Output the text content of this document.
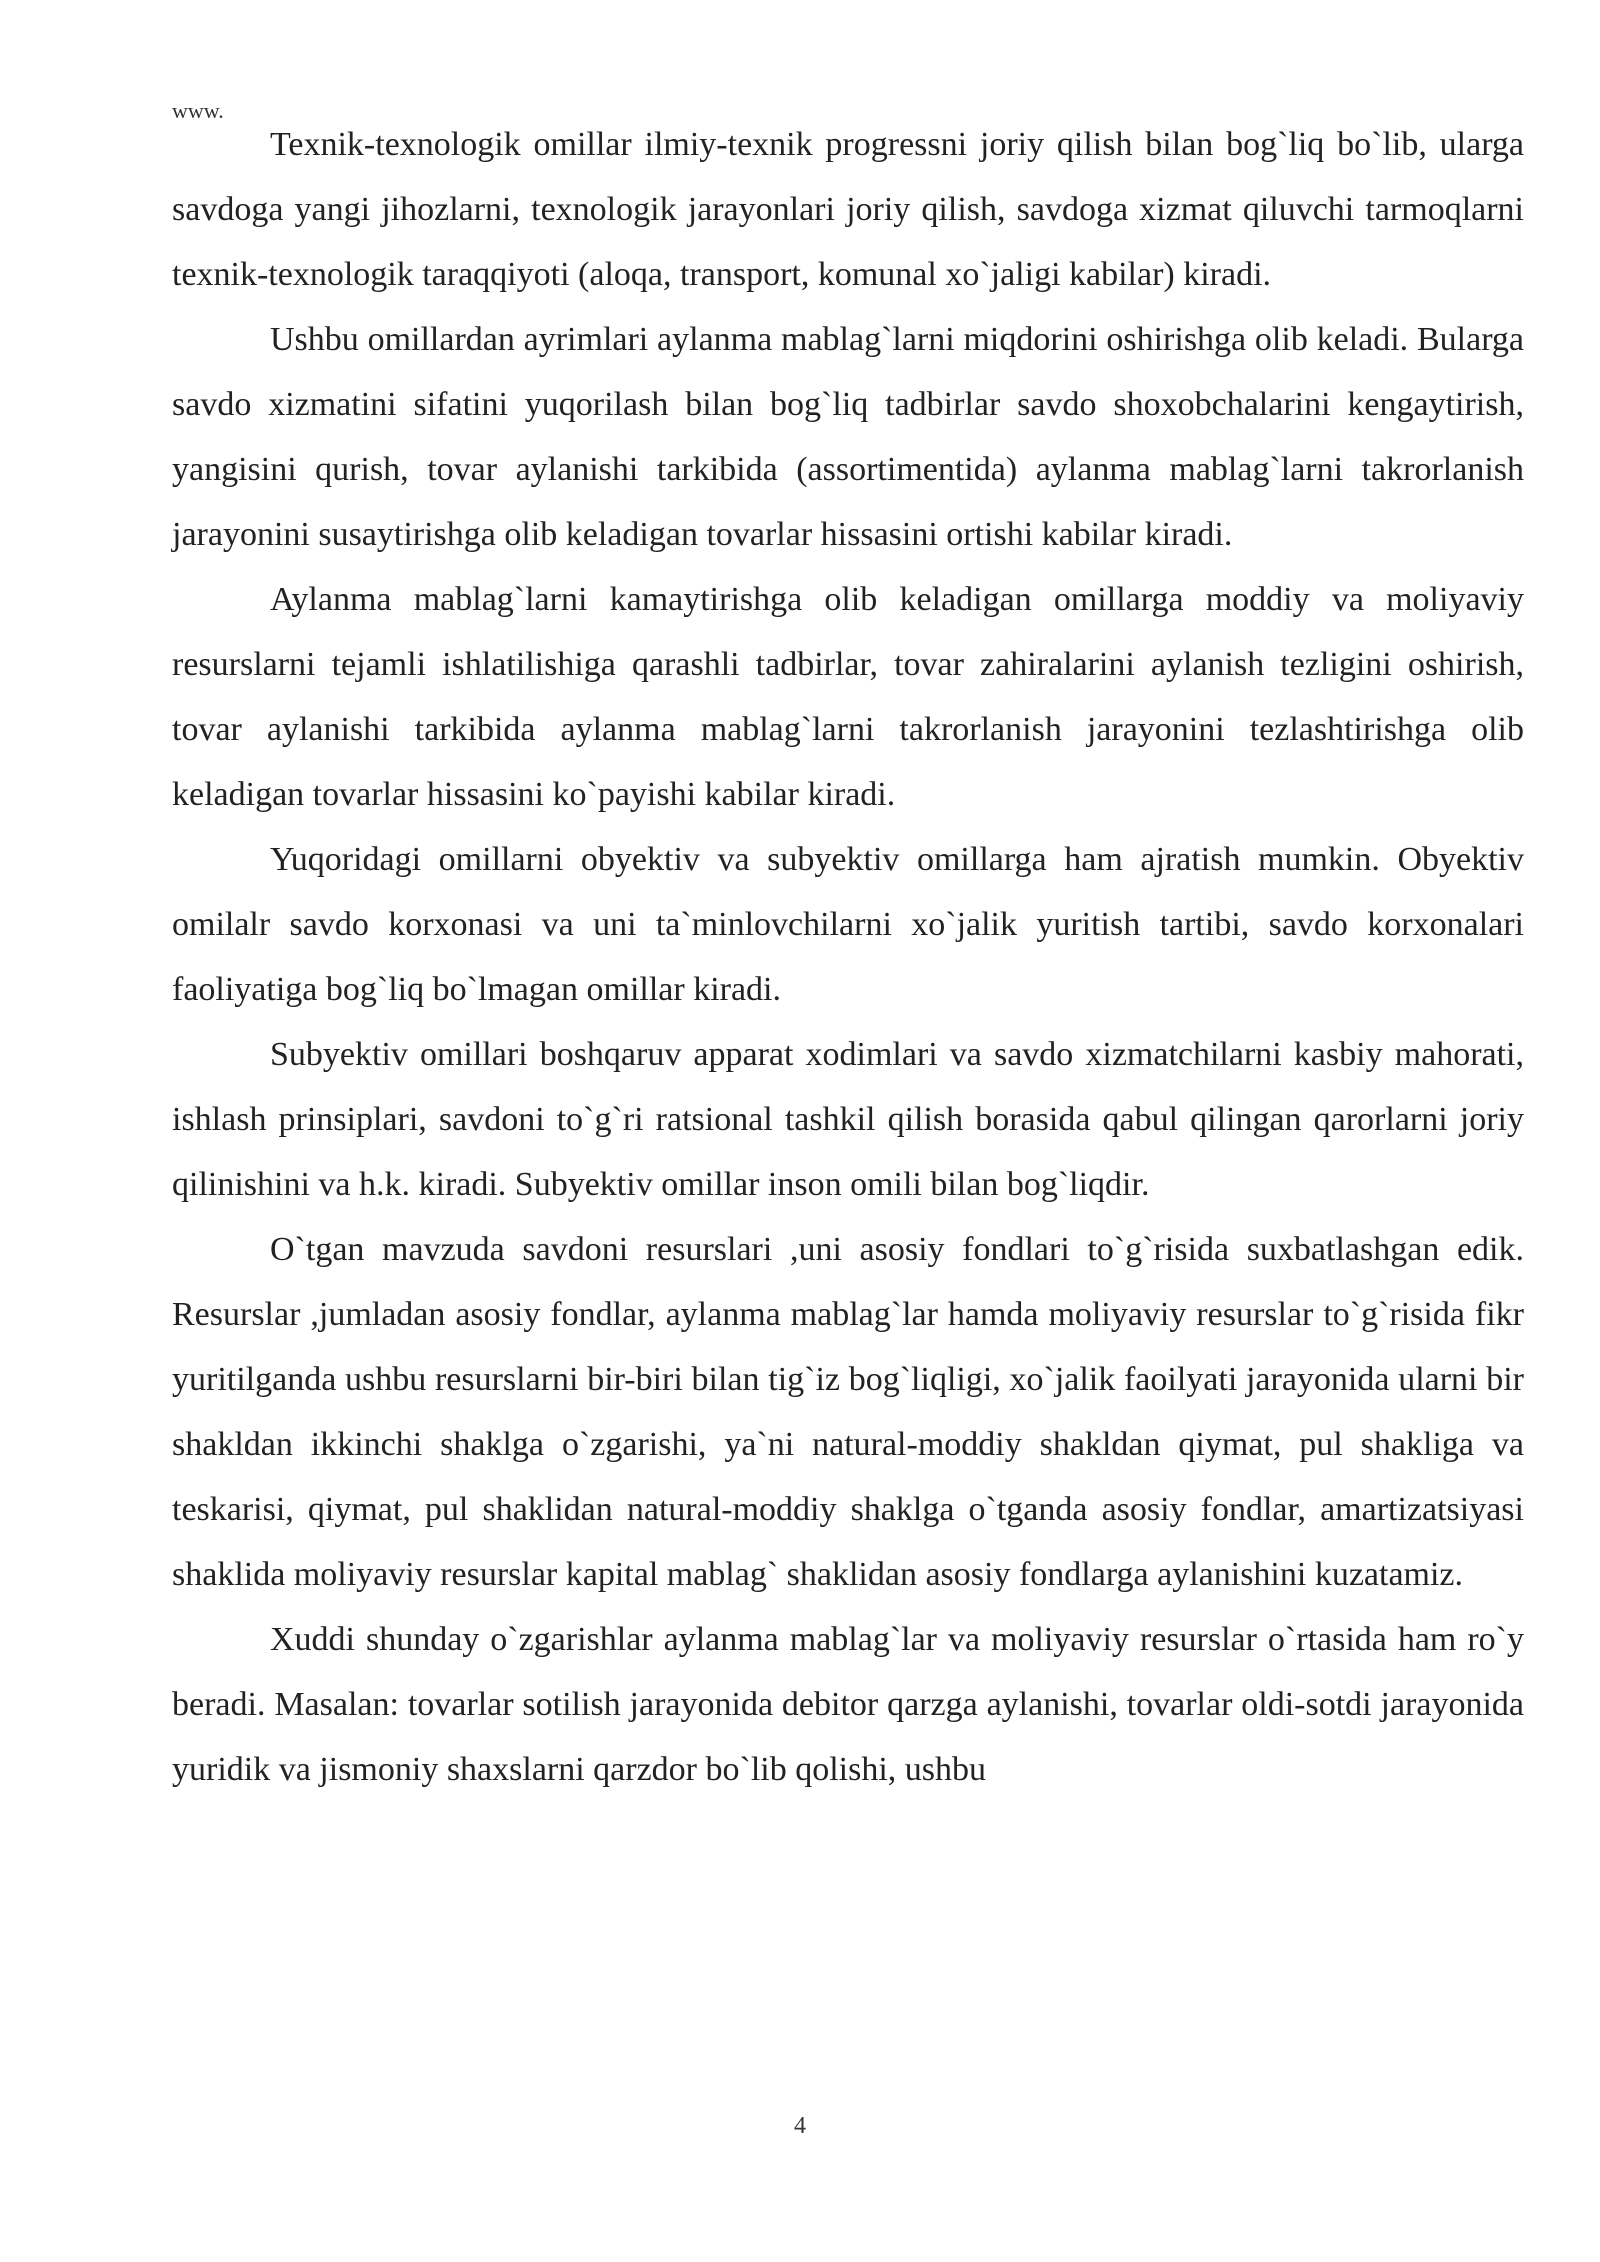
www.

Texnik-texnologik omillar ilmiy-texnik progressni joriy qilish bilan bog`liq bo`lib, ularga savdoga yangi jihozlarni, texnologik jarayonlari joriy qilish, savdoga xizmat qiluvchi tarmoqlarni texnik-texnologik taraqqiyoti (aloqa, transport, komunal xo`jaligi kabilar) kiradi.

Ushbu omillardan ayrimlari aylanma mablag`larni miqdorini oshirishga olib keladi. Bularga savdo xizmatini sifatini yuqorilash bilan bog`liq tadbirlar savdo shoxobchalarini kengaytirish, yangisini qurish, tovar aylanishi tarkibida (assortimentida) aylanma mablag`larni takrorlanish jarayonini susaytirishga olib keladigan tovarlar hissasini ortishi kabilar kiradi.

Aylanma mablag`larni kamaytirishga olib keladigan omillarga moddiy va moliyaviy resurslarni tejamli ishlatilishiga qarashli tadbirlar, tovar zahiralarini aylanish tezligini oshirish, tovar aylanishi tarkibida aylanma mablag`larni takrorlanish jarayonini tezlashtirishga olib keladigan tovarlar hissasini ko`payishi kabilar kiradi.

Yuqoridagi omillarni obyektiv va subyektiv omillarga ham ajratish mumkin. Obyektiv omilalr savdo korxonasi va uni ta`minlovchilarni xo`jalik yuritish tartibi, savdo korxonalari faoliyatiga bog`liq bo`lmagan omillar kiradi.

Subyektiv omillari boshqaruv apparat xodimlari va savdo xizmatchilarni kasbiy mahorati, ishlash prinsiplari, savdoni to`g`ri ratsional tashkil qilish borasida qabul qilingan qarorlarni joriy qilinishini va h.k. kiradi. Subyektiv omillar inson omili bilan bog`liqdir.

O`tgan mavzuda savdoni resurslari ,uni asosiy fondlari to`g`risida suxbatlashgan edik. Resurslar ,jumladan asosiy fondlar, aylanma mablag`lar hamda moliyaviy resurslar to`g`risida fikr yuritilganda ushbu resurslarni bir-biri bilan tig`iz bog`liqligi, xo`jalik faoilyati jarayonida ularni bir shakldan ikkinchi shaklga o`zgarishi, ya`ni natural-moddiy shakldan qiymat, pul shakliga va teskarisi, qiymat, pul shaklidan natural-moddiy shaklga o`tganda asosiy fondlar, amartizatsiyasi shaklida moliyaviy resurslar kapital mablag` shaklidan asosiy fondlarga aylanishini kuzatamiz.

Xuddi shunday o`zgarishlar aylanma mablag`lar va moliyaviy resurslar o`rtasida ham ro`y beradi. Masalan: tovarlar sotilish jarayonida debitor qarzga aylanishi, tovarlar oldi-sotdi jarayonida yuridik va jismoniy shaxslarni qarzdor bo`lib qolishi, ushbu

4
